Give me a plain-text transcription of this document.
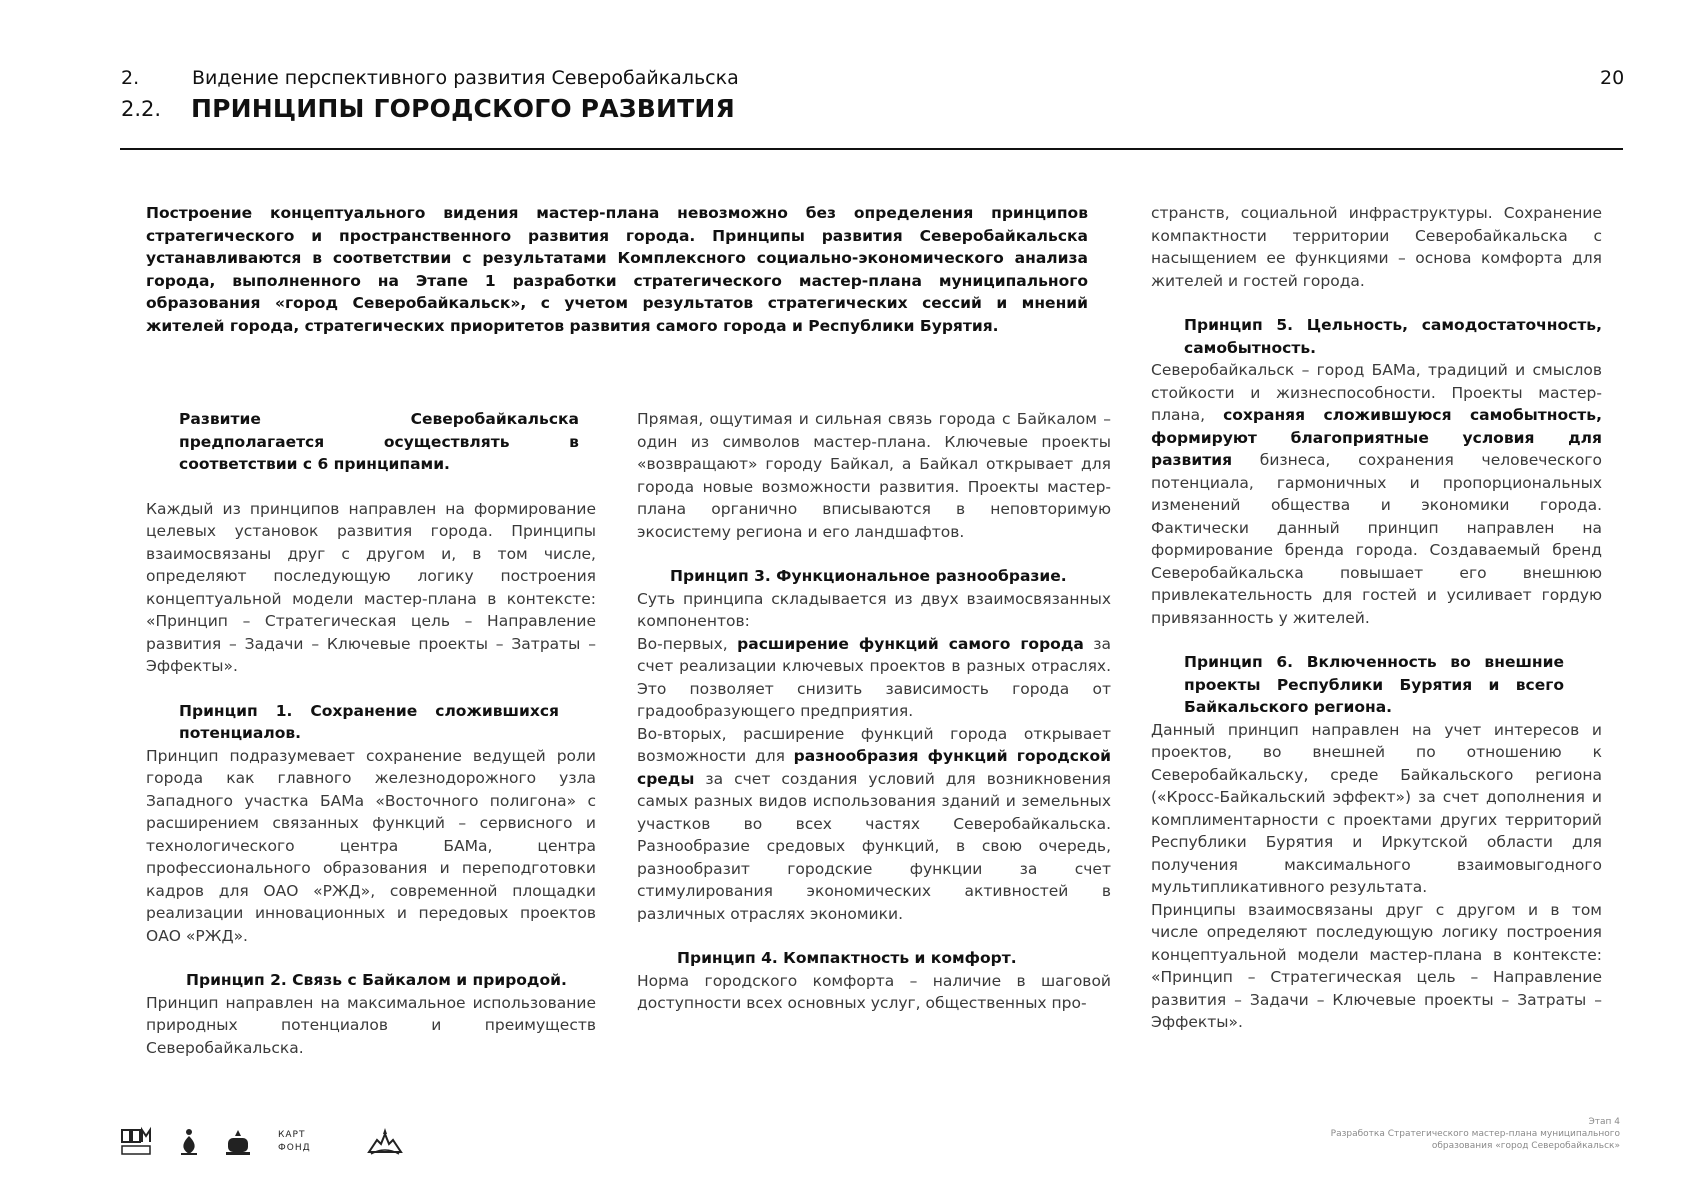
2.	Видение перспективного развития Северобайкальска
2.2. ПРИНЦИПЫ ГОРОДСКОГО РАЗВИТИЯ
20
Построение концептуального видения мастер-плана невозможно без определения принципов стратегического и пространственного развития города. Принципы развития Северобайкальска устанавливаются в соответствии с результатами Комплексного социально-экономического анализа города, выполненного на Этапе 1 разработки стратегического мастер-плана муниципального образования «город Северобайкальск», с учетом результатов стратегических сессий и мнений жителей города, стратегических приоритетов развития самого города и Республики Бурятия.
Развитие Северобайкальска предполагается осуществлять в соответствии с 6 принципами.

Каждый из принципов направлен на формирование целевых установок развития города. Принципы взаимосвязаны друг с другом и, в том числе, определяют последующую логику построения концептуальной модели мастер-плана в контексте: «Принцип – Стратегическая цель – Направление развития – Задачи – Ключевые проекты – Затраты – Эффекты».

Принцип 1. Сохранение сложившихся потенциалов.

Принцип подразумевает сохранение ведущей роли города как главного железнодорожного узла Западного участка БАМа «Восточного полигона» с расширением связанных функций – сервисного и технологического центра БАМа, центра профессионального образования и переподготовки кадров для ОАО «РЖД», современной площадки реализации инновационных и передовых проектов ОАО «РЖД».

Принцип 2. Связь с Байкалом и природой.

Принцип направлен на максимальное использование природных потенциалов и преимуществ Северобайкальска.

Прямая, ощутимая и сильная связь города с Байкалом – один из символов мастер-плана. Ключевые проекты «возвращают» городу Байкал, а Байкал открывает для города новые возможности развития. Проекты мастер-плана органично вписываются в неповторимую экосистему региона и его ландшафтов.

Принцип 3. Функциональное разнообразие.

Суть принципа складывается из двух взаимосвязанных компонентов:

Во-первых, расширение функций самого города за счет реализации ключевых проектов в разных отраслях. Это позволяет снизить зависимость города от градообразующего предприятия.

Во-вторых, расширение функций города открывает возможности для разнообразия функций городской среды за счет создания условий для возникновения самых разных видов использования зданий и земельных участков во всех частях Северобайкальска. Разнообразие средовых функций, в свою очередь, разнообразит городские функции за счет стимулирования экономических активностей в различных отраслях экономики.

Принцип 4. Компактность и комфорт.

Норма городского комфорта – наличие в шаговой доступности всех основных услуг, общественных про-

странств, социальной инфраструктуры. Сохранение компактности территории Северобайкальска с насыщением ее функциями – основа комфорта для жителей и гостей города.

Принцип 5. Цельность, самодостаточность, самобытность.

Северобайкальск – город БАМа, традиций и смыслов стойкости и жизнеспособности. Проекты мастер-плана, сохраняя сложившуюся самобытность, формируют благоприятные условия для развития бизнеса, сохранения человеческого потенциала, гармоничных и пропорциональных изменений общества и экономики города. Фактически данный принцип направлен на формирование бренда города. Создаваемый бренд Северобайкальска повышает его внешнюю привлекательность для гостей и усиливает гордую привязанность у жителей.

Принцип 6. Включенность во внешние проекты Республики Бурятия и всего Байкальского региона.

Данный принцип направлен на учет интересов и проектов, во внешней по отношению к Северобайкальску, среде Байкальского региона («Кросс-Байкальский эффект») за счет дополнения и комплиментарности с проектами других территорий Республики Бурятия и Иркутской области для получения максимального взаимовыгодного мультипликативного результата.

Принципы взаимосвязаны друг с другом и в том числе определяют последующую логику построения концептуальной модели мастер-плана в контексте: «Принцип – Стратегическая цель – Направление развития – Задачи – Ключевые проекты – Затраты – Эффекты».

КАРТ ФОНД
Этап 4
Разработка Стратегического мастер-плана муниципального
образования «город Северобайкальск»
